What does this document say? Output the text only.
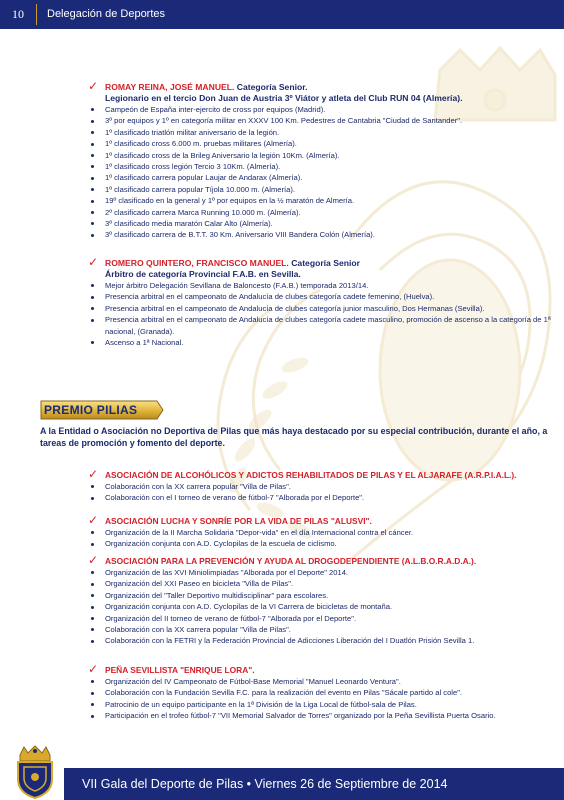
10	Delegación de Deportes
✓ ROMAY REINA, JOSÉ MANUEL. Categoría Senior.
Legionario en el tercio Don Juan de Austria 3º Viátor y atleta del Club RUN 04 (Almería).
Campeón de España inter-ejercito de cross por equipos (Madrid).
3º por equipos y 1º en categoría militar en XXXV 100 Km. Pedestres de Cantabria "Ciudad de Santander".
1º clasificado triatlón militar aniversario de la legión.
1º clasificado cross 6.000 m. pruebas militares (Almería).
1º clasificado cross de la Brileg Aniversario la legión 10Km. (Almería).
1º clasificado cross legión Tercio 3 10Km. (Almería).
1º clasificado carrera popular Laujar de Andarax (Almería).
1º clasificado carrera popular Tíjola 10.000 m. (Almería).
19º clasificado en la general y 1º por equipos en la ½ maratón de Almería.
2º clasificado carrera Marca Running 10.000 m. (Almería).
3º clasificado media maratón Calar Alto (Almería).
3º clasificado carrera de B.T.T. 30 Km. Aniversario VIII Bandera Colón (Almería).
✓ ROMERO QUINTERO, FRANCISCO MANUEL. Categoría Senior
Árbitro de categoría Provincial F.A.B. en Sevilla.
Mejor árbitro Delegación Sevillana de Baloncesto (F.A.B.) temporada 2013/14.
Presencia arbitral en el campeonato de Andalucía de clubes categoría cadete femenino, (Huelva).
Presencia arbitral en el campeonato de Andalucía de clubes categoría junior masculino, Dos Hermanas (Sevilla).
Presencia arbitral en el campeonato de Andalucía de clubes categoría cadete masculino, promoción de ascenso a la categoría de 1ª nacional, (Granada).
Ascenso a 1ª Nacional.
PREMIO PILIAS
A la Entidad o Asociación no Deportiva de Pilas que más haya destacado por su especial contribución, durante el año, a tareas de promoción y fomento del deporte.
✓ ASOCIACIÓN DE ALCOHÓLICOS Y ADICTOS REHABILITADOS DE PILAS Y EL ALJARAFE (A.R.P.I.A.L.).
Colaboración con la XX carrera popular "Villa de Pilas".
Colaboración con el I torneo de verano de fútbol-7 "Alborada por el Deporte".
✓ ASOCIACIÓN LUCHA Y SONRÍE POR LA VIDA DE PILAS "ALUSVI".
Organización de la II Marcha Solidaria "Depor-vida" en el día Internacional contra el cáncer.
Organización conjunta con A.D. Cyclopilas de la escuela de ciclismo.
✓ ASOCIACIÓN PARA LA PREVENCIÓN Y AYUDA AL DROGODEPENDIENTE (A.L.B.O.R.A.D.A.).
Organización de las XVI Miniolimpiadas "Alborada por el Deporte" 2014.
Organización del XXI Paseo en bicicleta "Villa de Pilas".
Organización del "Taller Deportivo multidisciplinar" para escolares.
Organización conjunta con A.D. Cyclopilas de la VI Carrera de bicicletas de montaña.
Organización del II torneo de verano de fútbol-7 "Alborada por el Deporte".
Colaboración con la XX carrera popular "Villa de Pilas".
Colaboración con la FETRI y la Federación Provincial de Adicciones Liberación del I Duatlón Prisión Sevilla 1.
✓ PEÑA SEVILLISTA "ENRIQUE LORA".
Organización del IV Campeonato de Fútbol-Base Memorial "Manuel Leonardo Ventura".
Colaboración con la Fundación Sevilla F.C. para la realización del evento en Pilas "Sácale partido al cole".
Patrocinio de un equipo participante en la 1ª División de la Liga Local de fútbol-sala de Pilas.
Participación en el trofeo fútbol-7 "VII Memorial Salvador de Torres" organizado por la Peña Sevillista Puerta Osario.
VII Gala del Deporte de Pilas • Viernes 26 de Septiembre de 2014
